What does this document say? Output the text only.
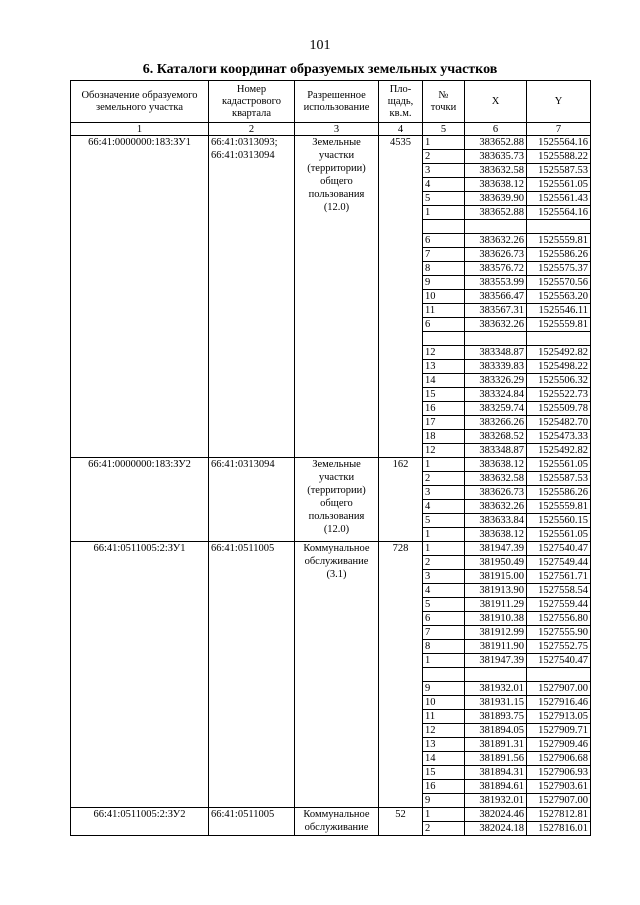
101
6. Каталоги координат образуемых земельных участков
Обозначение образуемого земельного участка	Номер кадастрового квартала	Разрешенное использование	Пло-щадь, кв.м.	№ точки	X	Y
1	2	3	4	5	6	7
66:41:0000000:183:ЗУ1	66:41:0313093; 66:41:0313094	Земельные участки (территории) общего пользования (12.0)	4535	1	383652.88	1525564.16
				2	383635.73	1525588.22
				3	383632.58	1525587.53
				4	383638.12	1525561.05
				5	383639.90	1525561.43
				1	383652.88	1525564.16

				6	383632.26	1525559.81
				7	383626.73	1525586.26
				8	383576.72	1525575.37
				9	383553.99	1525570.56
				10	383566.47	1525563.20
				11	383567.31	1525546.11
				6	383632.26	1525559.81

				12	383348.87	1525492.82
				13	383339.83	1525498.22
				14	383326.29	1525506.32
				15	383324.84	1525522.73
				16	383259.74	1525509.78
				17	383266.26	1525482.70
				18	383268.52	1525473.33
				12	383348.87	1525492.82
66:41:0000000:183:ЗУ2	66:41:0313094	Земельные участки (территории) общего пользования (12.0)	162	1	383638.12	1525561.05
				2	383632.58	1525587.53
				3	383626.73	1525586.26
				4	383632.26	1525559.81
				5	383633.84	1525560.15
				1	383638.12	1525561.05
66:41:0511005:2:ЗУ1	66:41:0511005	Коммунальное обслуживание (3.1)	728	1	381947.39	1527540.47
				2	381950.49	1527549.44
				3	381915.00	1527561.71
				4	381913.90	1527558.54
				5	381911.29	1527559.44
				6	381910.38	1527556.80
				7	381912.99	1527555.90
				8	381911.90	1527552.75
				1	381947.39	1527540.47

				9	381932.01	1527907.00
				10	381931.15	1527916.46
				11	381893.75	1527913.05
				12	381894.05	1527909.71
				13	381891.31	1527909.46
				14	381891.56	1527906.68
				15	381894.31	1527906.93
				16	381894.61	1527903.61
				9	381932.01	1527907.00
66:41:0511005:2:ЗУ2	66:41:0511005	Коммунальное обслуживание	52	1	382024.46	1527812.81
				2	382024.18	1527816.01
